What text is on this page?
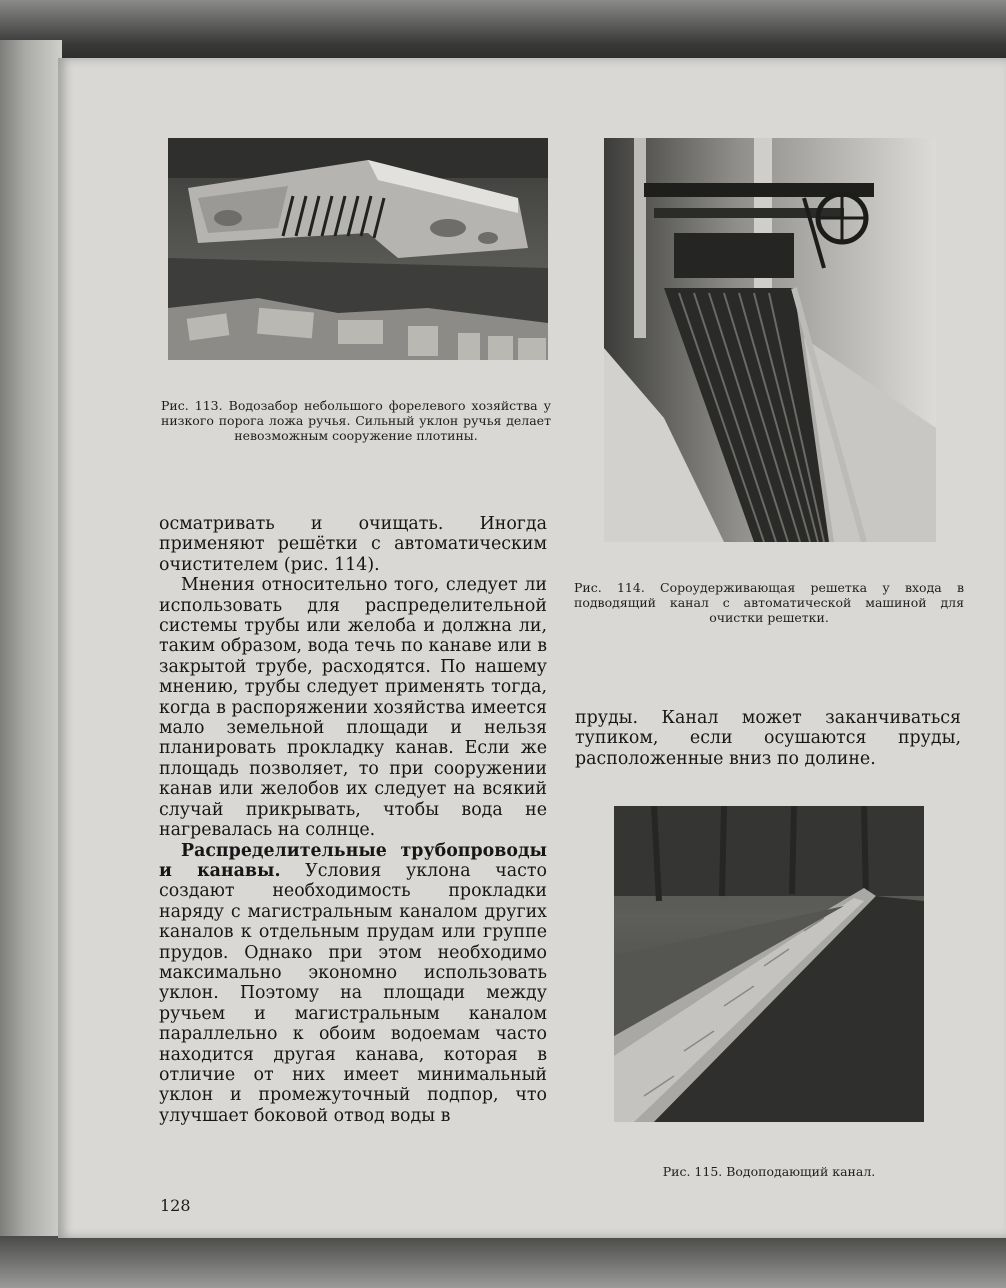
Рис. 113. Водозабор небольшого форелевого хозяйства у низкого порога ложа ручья. Сильный уклон ручья делает невозможным сооружение плотины.
Рис. 114. Сороудерживающая решетка у входа в подводящий канал с автоматической машиной для очистки решетки.

осматривать и очищать. Иногда применяют решётки с автоматическим очистителем (рис. 114).

Мнения относительно того, следует ли использовать для распределительной системы трубы или желоба и должна ли, таким образом, вода течь по канаве или в закрытой трубе, расходятся. По нашему мнению, трубы следует применять тогда, когда в распоряжении хозяйства имеется мало земельной площади и нельзя планировать прокладку канав. Если же площадь позволяет, то при сооружении канав или желобов их следует на всякий случай прикрывать, чтобы вода не нагревалась на солнце.

Распределительные трубопроводы и канавы. Условия уклона часто создают необходимость прокладки наряду с магистральным каналом других каналов к отдельным прудам или группе прудов. Однако при этом необходимо максимально экономно использовать уклон. Поэтому на площади между ручьем и магистральным каналом параллельно к обоим водоемам часто находится другая канава, которая в отличие от них имеет минимальный уклон и промежуточный подпор, что улучшает боковой отвод воды в

пруды. Канал может заканчиваться тупиком, если осушаются пруды, расположенные вниз по долине.
Рис. 115. Водоподающий канал.
128
